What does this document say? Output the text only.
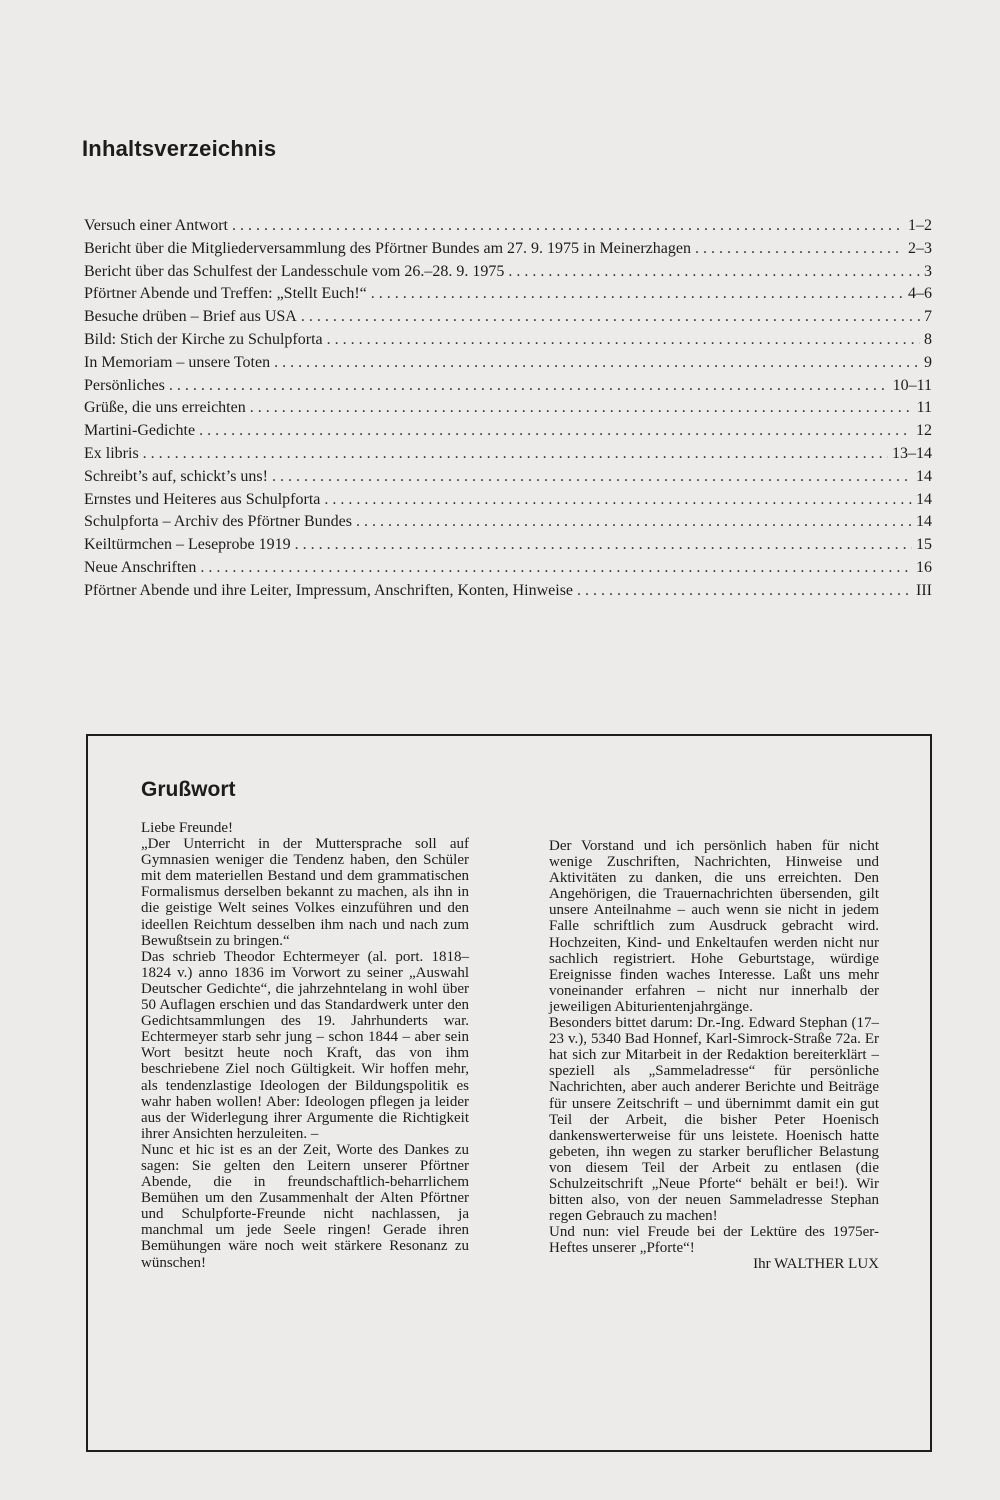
Inhaltsverzeichnis
Versuch einer Antwort . . .	1–2
Bericht über die Mitgliederversammlung des Pförtner Bundes am 27. 9. 1975 in Meinerzhagen . . .	2–3
Bericht über das Schulfest der Landesschule vom 26.–28. 9. 1975 . . .	3
Pförtner Abende und Treffen: „Stellt Euch!“ . . .	4–6
Besuche drüben – Brief aus USA . . .	7
Bild: Stich der Kirche zu Schulpforta . . .	8
In Memoriam – unsere Toten . . .	9
Persönliches . . .	10–11
Grüße, die uns erreichten . . .	11
Martini-Gedichte . . .	12
Ex libris . . .	13–14
Schreibt’s auf, schickt’s uns! . . .	14
Ernstes und Heiteres aus Schulpforta . . .	14
Schulpforta – Archiv des Pförtner Bundes . . .	14
Keiltürmchen – Leseprobe 1919 . . .	15
Neue Anschriften . . .	16
Pförtner Abende und ihre Leiter, Impressum, Anschriften, Konten, Hinweise . . .	III
Grußwort

Liebe Freunde!

„Der Unterricht in der Muttersprache soll auf Gymnasien weniger die Tendenz haben, den Schüler mit dem materiellen Bestand und dem grammatischen Formalismus derselben bekannt zu machen, als ihn in die geistige Welt seines Volkes einzuführen und den ideellen Reichtum desselben ihm nach und nach zum Bewußtsein zu bringen.“

Das schrieb Theodor Echtermeyer (al. port. 1818–1824 v.) anno 1836 im Vorwort zu seiner „Auswahl Deutscher Gedichte“, die jahrzehntelang in wohl über 50 Auflagen erschien und das Standardwerk unter den Gedichtsammlungen des 19. Jahrhunderts war. Echtermeyer starb sehr jung – schon 1844 – aber sein Wort besitzt heute noch Kraft, das von ihm beschriebene Ziel noch Gültigkeit. Wir hoffen mehr, als tendenzlastige Ideologen der Bildungspolitik es wahr haben wollen! Aber: Ideologen pflegen ja leider aus der Widerlegung ihrer Argumente die Richtigkeit ihrer Ansichten herzuleiten. –

Nunc et hic ist es an der Zeit, Worte des Dankes zu sagen: Sie gelten den Leitern unserer Pförtner Abende, die in freundschaftlich-beharrlichem Bemühen um den Zusammenhalt der Alten Pförtner und Schulpforte-Freunde nicht nachlassen, ja manchmal um jede Seele ringen! Gerade ihren Bemühungen wäre noch weit stärkere Resonanz zu wünschen!

Der Vorstand und ich persönlich haben für nicht wenige Zuschriften, Nachrichten, Hinweise und Aktivitäten zu danken, die uns erreichten. Den Angehörigen, die Trauernachrichten übersenden, gilt unsere Anteilnahme – auch wenn sie nicht in jedem Falle schriftlich zum Ausdruck gebracht wird. Hochzeiten, Kind- und Enkeltaufen werden nicht nur sachlich registriert. Hohe Geburtstage, würdige Ereignisse finden waches Interesse. Laßt uns mehr voneinander erfahren – nicht nur innerhalb der jeweiligen Abiturientenjahrgänge.

Besonders bittet darum: Dr.-Ing. Edward Stephan (17–23 v.), 5340 Bad Honnef, Karl-Simrock-Straße 72a. Er hat sich zur Mitarbeit in der Redaktion bereiterklärt – speziell als „Sammeladresse“ für persönliche Nachrichten, aber auch anderer Berichte und Beiträge für unsere Zeitschrift – und übernimmt damit ein gut Teil der Arbeit, die bisher Peter Hoenisch dankenswerterweise für uns leistete. Hoenisch hatte gebeten, ihn wegen zu starker beruflicher Belastung von diesem Teil der Arbeit zu entlasen (die Schulzeitschrift „Neue Pforte“ behält er bei!). Wir bitten also, von der neuen Sammeladresse Stephan regen Gebrauch zu machen!

Und nun: viel Freude bei der Lektüre des 1975er-Heftes unserer „Pforte“!

Ihr WALTHER LUX
